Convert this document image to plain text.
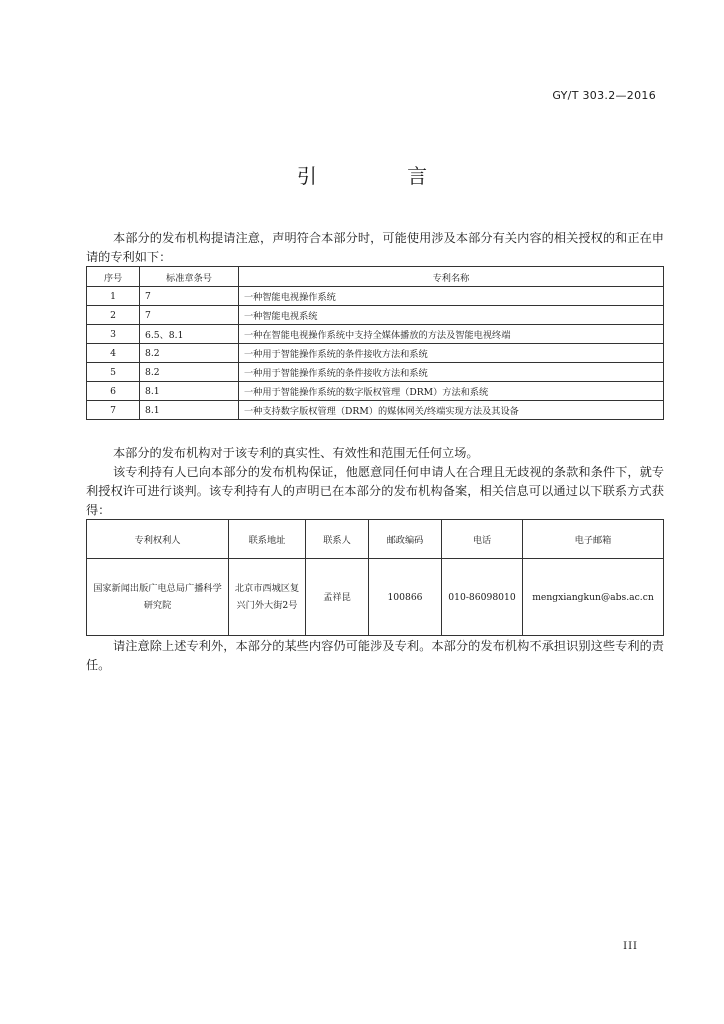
GY/T 303.2—2016
引 言

本部分的发布机构提请注意，声明符合本部分时，可能使用涉及本部分有关内容的相关授权的和正在申请的专利如下：

序号	标准章条号	专利名称
1	7	一种智能电视操作系统
2	7	一种智能电视系统
3	6.5、8.1	一种在智能电视操作系统中支持全媒体播放的方法及智能电视终端
4	8.2	一种用于智能操作系统的条件接收方法和系统
5	8.2	一种用于智能操作系统的条件接收方法和系统
6	8.1	一种用于智能操作系统的数字版权管理（DRM）方法和系统
7	8.1	一种支持数字版权管理（DRM）的媒体网关/终端实现方法及其设备

本部分的发布机构对于该专利的真实性、有效性和范围无任何立场。

该专利持有人已向本部分的发布机构保证，他愿意同任何申请人在合理且无歧视的条款和条件下，就专利授权许可进行谈判。该专利持有人的声明已在本部分的发布机构备案，相关信息可以通过以下联系方式获得：

专利权利人	联系地址	联系人	邮政编码	电话	电子邮箱
国家新闻出版广电总局广播科学研究院	北京市西城区复兴门外大街2号	孟祥昆	100866	010-86098010	mengxiangkun@abs.ac.cn

请注意除上述专利外，本部分的某些内容仍可能涉及专利。本部分的发布机构不承担识别这些专利的责任。

III
